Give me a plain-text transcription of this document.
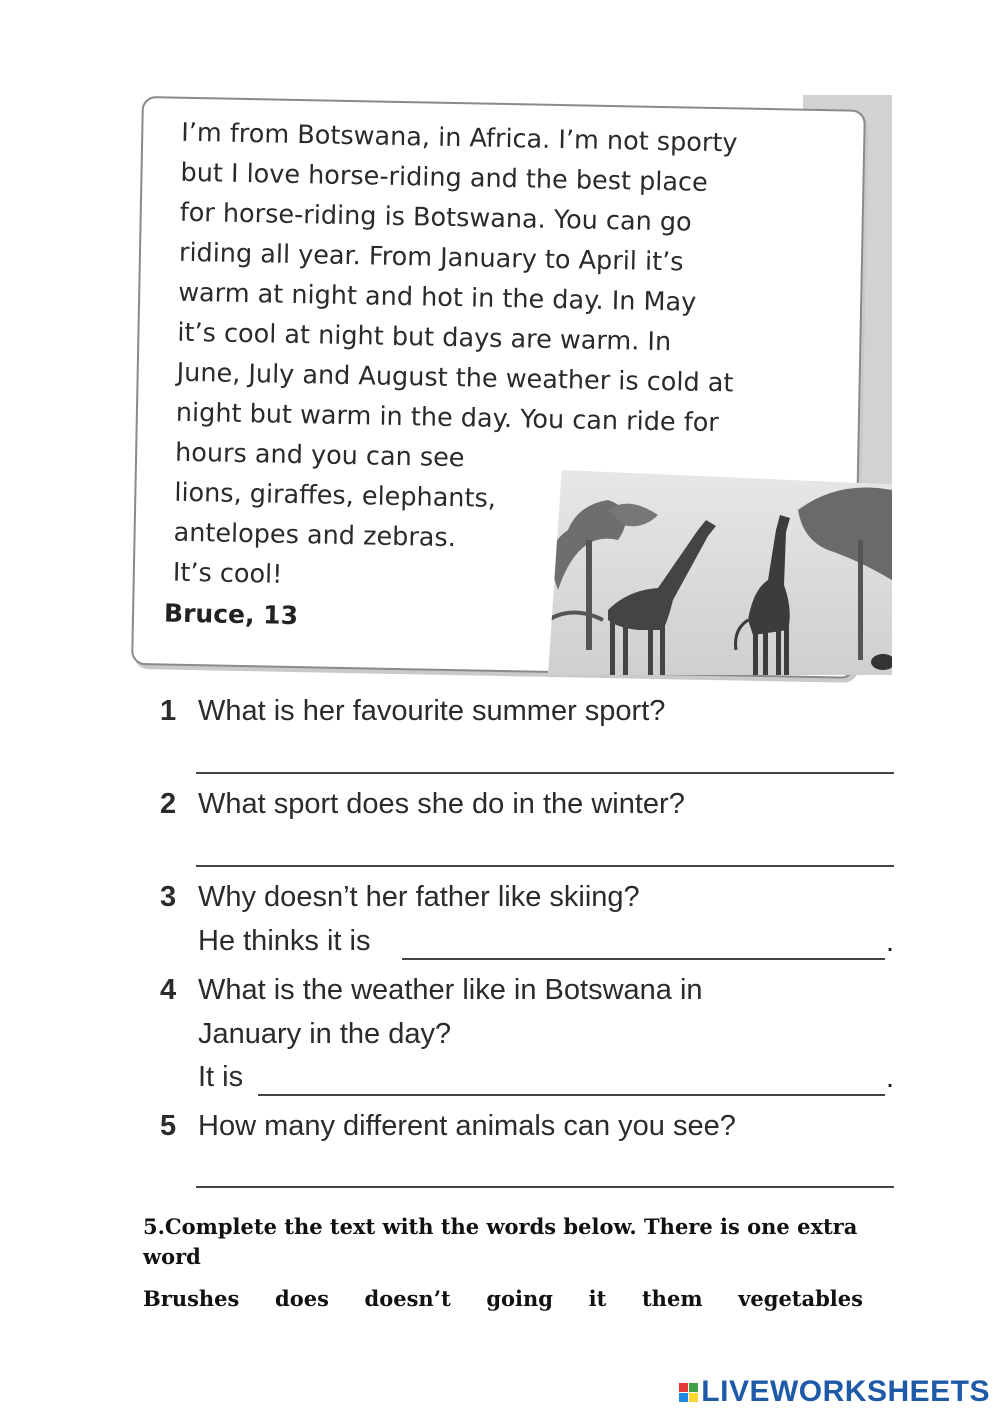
I’m from Botswana, in Africa. I’m not sporty
but I love horse-riding and the best place
for horse-riding is Botswana. You can go
riding all year. From January to April it’s
warm at night and hot in the day. In May
it’s cool at night but days are warm. In
June, July and August the weather is cold at
night but warm in the day. You can ride for
hours and you can see
lions, giraffes, elephants,
antelopes and zebras.
It’s cool!

Bruce, 13
1 What is her favourite summer sport?
2 What sport does she do in the winter?
3 Why doesn’t her father like skiing?
He thinks it is	.
4 What is the weather like in Botswana in
January in the day?
It is	.
5 How many different animals can you see?
5.Complete the text with the words below. There is one extra word
Brushes does doesn’t going it them vegetables
LIVEWORKSHEETS
